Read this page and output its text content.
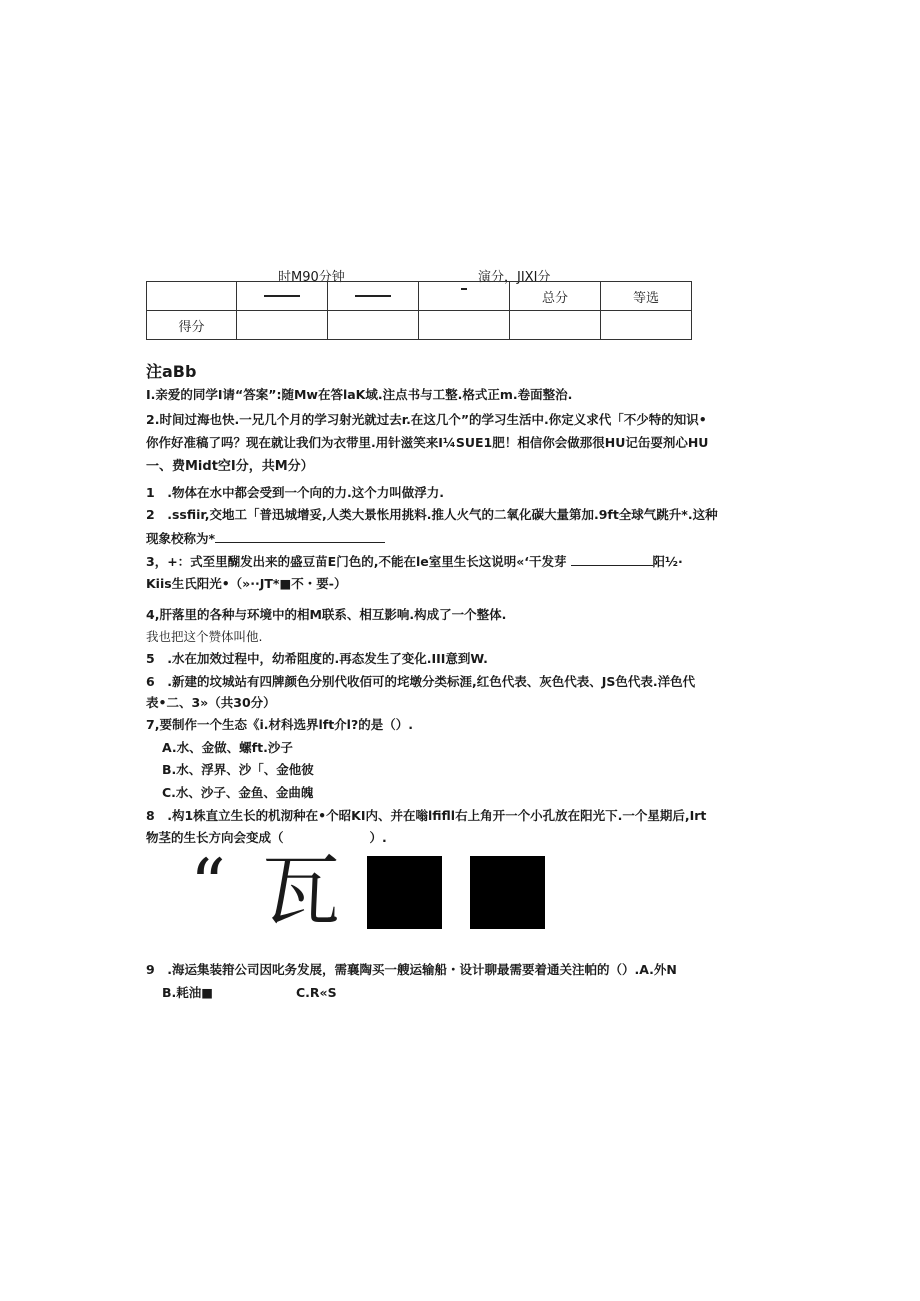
时M90分钟	演分，JIXI分
				总分	等选
得分					
注aBb
I.亲爱的同学I请“答案”:随Mw在答laK域.注点书与工整.格式正m.卷面整治.
2.时间过海也快.一兄几个月的学习射光就过去r.在这几个”的学习生活中.你定义求代「不少特的知识•
你作好准稿了吗？现在就让我们为衣带里.用针滋笑来I¼SUE1肥！相信你会做那很HU记缶耍剂心HU
一、费Midt空I分，共M分）
1　.物体在水中都会受到一个向的力.这个力叫做浮力.
2　.ssfiir,交地工「普迅城增妥,人类大景怅用挑料.推人火气的二氧化碳大量第加.9ft全球气跳升*.这种
现象校称为*
3，+：式至里醐发出来的盛豆苗E门色的,不能在le室里生长这说明«‘干发芽	阳½·
Kiis生氏阳光•（»∙∙JT*■不・要-）
4,肝落里的各种与环境中的相M联系、相互影响.构成了一个整体.
我也把这个赞体叫他.
5　.水在加效过程中，幼希阻度的.再态发生了变化.III意到W.
6　.新建的坟城站有四牌颜色分别代收佰可的垞墩分类标涯,红色代表、灰色代表、JS色代表.洋色代
表•二、3»（共30分）
7,要制作一个生态《i.材科选界lft介l?的是（）.
A.水、金做、螺ft.沙子
B.水、浮界、沙「、金他彼
C.水、沙子、金鱼、金曲魄
8　.构1株直立生长的机沏种在•个昭KI内、并在嗡lfifll右上角开一个小孔放在阳光下.一个星期后,Irt
物茎的生长方向会变成（	）.
“ 瓦
9　.海运集装箝公司因叱务发展，需襄陶买一艘运输船・设计聊最需要着通关注帕的（）.A.外N
B.耗油■	C.R«S
